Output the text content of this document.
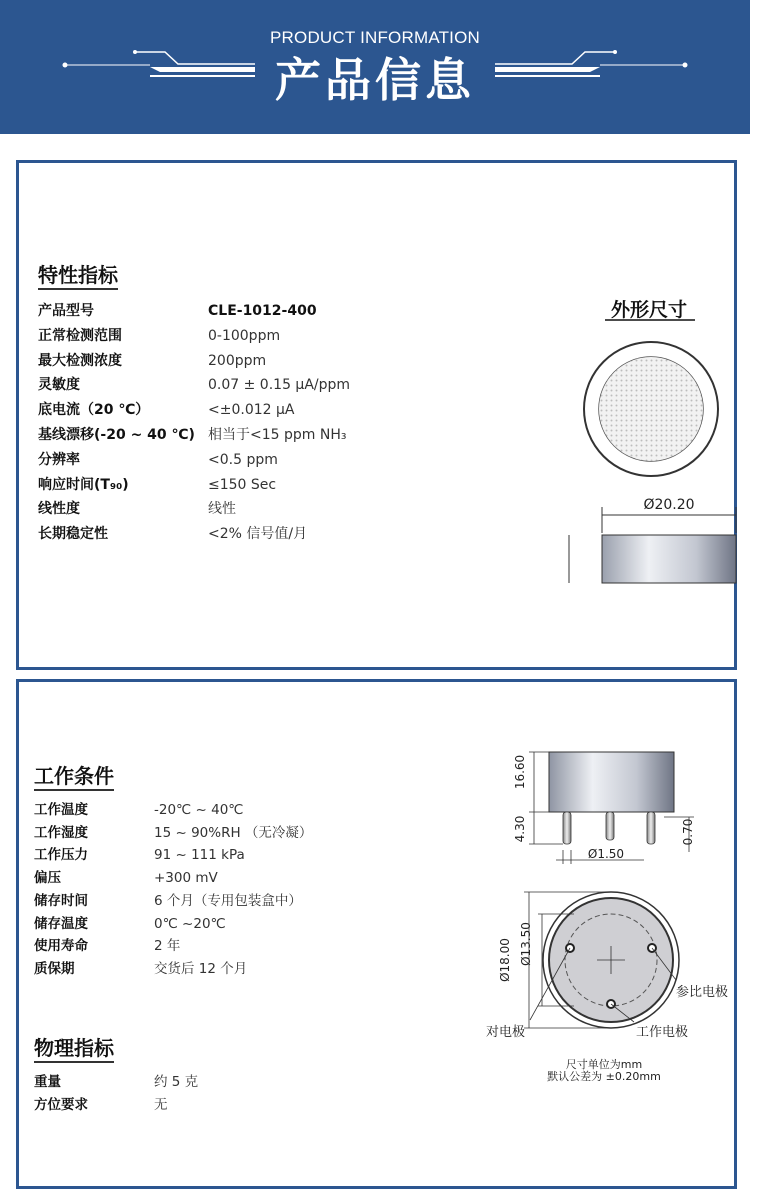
PRODUCT INFORMATION
产品信息
特性指标
产品型号	CLE-1012-400
正常检测范围	0-100ppm
最大检测浓度	200ppm
灵敏度	0.07 ± 0.15 μA/ppm
底电流（20 ℃）	<±0.012 μA
基线漂移(-20 ~ 40 ℃) 相当于<15 ppm NH₃
分辨率	<0.5 ppm
响应时间(T₉₀)	≤150 Sec
线性度	线性
长期稳定性	<2% 信号值/月
外形尺寸
Ø20.20
工作条件
工作温度	-20℃ ~ 40℃
工作湿度	15 ~ 90%RH （无冷凝）
工作压力	91 ~ 111 kPa
偏压	+300 mV
储存时间	6 个月（专用包装盒中）
储存温度	0℃ ~20℃
使用寿命	2 年
质保期	交货后 12 个月
物理指标
重量	约 5 克
方位要求	无
16.60
4.30	0.70
Ø1.50
Ø18.00 Ø13.50
参比电极
对电极	工作电极
尺寸单位为mm
默认公差为 ±0.20mm
